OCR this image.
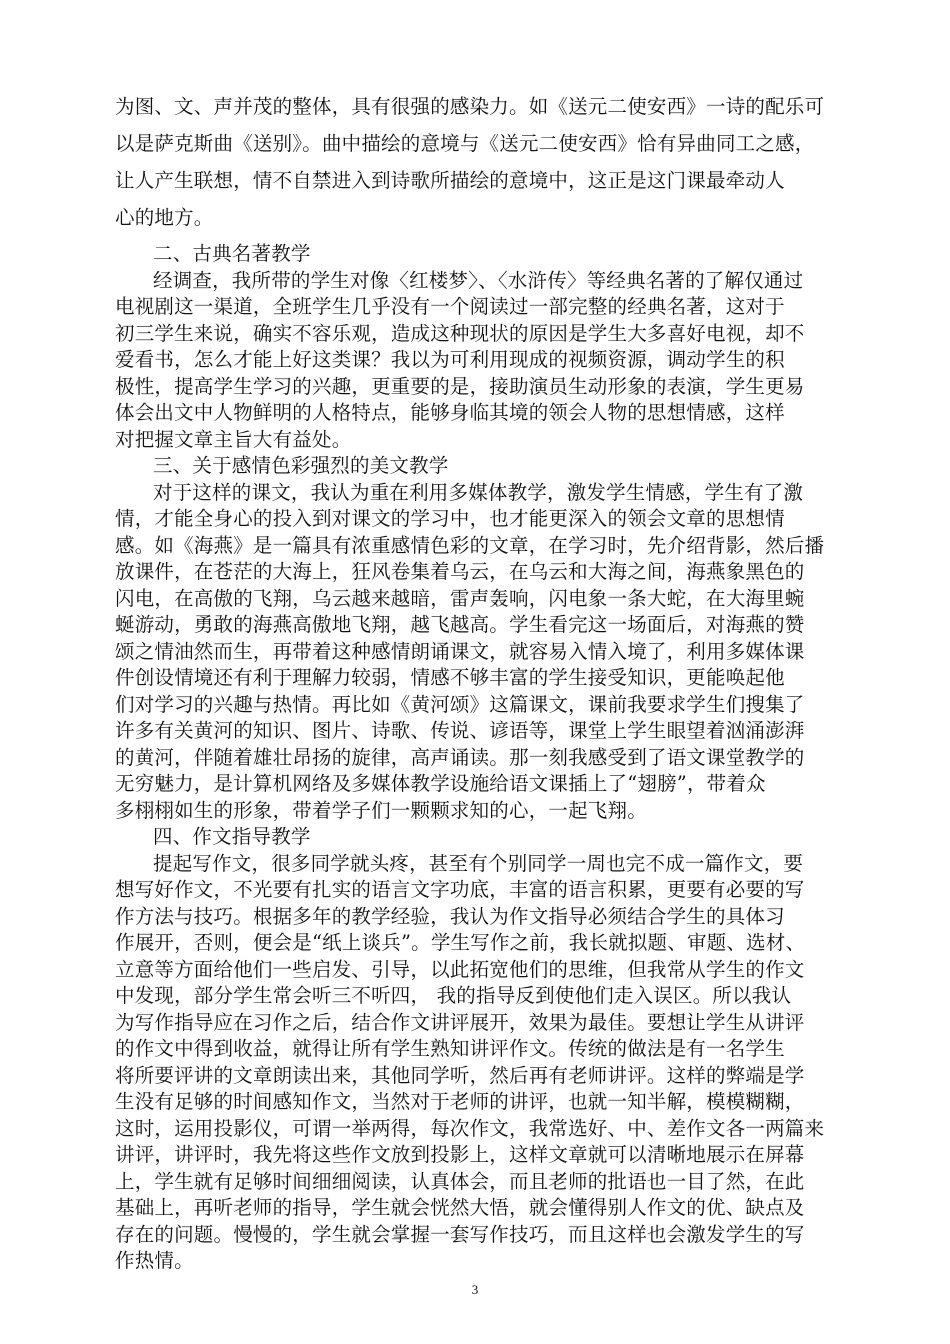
为图、文、声并茂的整体，具有很强的感染力。如《送元二使安西》一诗的配乐可
以是萨克斯曲《送别》。曲中描绘的意境与《送元二使安西》恰有异曲同工之感，
让人产生联想，情不自禁进入到诗歌所描绘的意境中，这正是这门课最牵动人
心的地方。
二、古典名著教学
经调查，我所带的学生对像〈红楼梦〉、〈水浒传〉等经典名著的了解仅通过
电视剧这一渠道，全班学生几乎没有一个阅读过一部完整的经典名著，这对于
初三学生来说，确实不容乐观，造成这种现状的原因是学生大多喜好电视，却不
爱看书，怎么才能上好这类课？我以为可利用现成的视频资源，调动学生的积
极性，提高学生学习的兴趣，更重要的是，接助演员生动形象的表演，学生更易
体会出文中人物鲜明的人格特点，能够身临其境的领会人物的思想情感，这样
对把握文章主旨大有益处。
三、关于感情色彩强烈的美文教学
对于这样的课文，我认为重在利用多媒体教学，激发学生情感，学生有了激
情，才能全身心的投入到对课文的学习中，也才能更深入的领会文章的思想情
感。如《海燕》是一篇具有浓重感情色彩的文章，在学习时，先介绍背影，然后播
放课件，在苍茫的大海上，狂风卷集着乌云，在乌云和大海之间，海燕象黑色的
闪电，在高傲的飞翔，乌云越来越暗，雷声轰响，闪电象一条大蛇，在大海里蜿
蜒游动，勇敢的海燕高傲地飞翔，越飞越高。学生看完这一场面后，对海燕的赞
颂之情油然而生，再带着这种感情朗诵课文，就容易入情入境了，利用多媒体课
件创设情境还有利于理解力较弱，情感不够丰富的学生接受知识，更能唤起他
们对学习的兴趣与热情。再比如《黄河颂》这篇课文，课前我要求学生们搜集了
许多有关黄河的知识、图片、诗歌、传说、谚语等，课堂上学生眼望着汹涌澎湃
的黄河，伴随着雄壮昂扬的旋律，高声诵读。那一刻我感受到了语文课堂教学的
无穷魅力，是计算机网络及多媒体教学设施给语文课插上了“翅膀”，带着众
多栩栩如生的形象，带着学子们一颗颗求知的心，一起飞翔。
四、作文指导教学
提起写作文，很多同学就头疼，甚至有个别同学一周也完不成一篇作文，要
想写好作文，不光要有扎实的语言文字功底，丰富的语言积累，更要有必要的写
作方法与技巧。根据多年的教学经验，我认为作文指导必须结合学生的具体习
作展开，否则，便会是“纸上谈兵”。学生写作之前，我长就拟题、审题、选材、
立意等方面给他们一些启发、引导，以此拓宽他们的思维，但我常从学生的作文
中发现，部分学生常会听三不听四， 我的指导反到使他们走入误区。所以我认
为写作指导应在习作之后，结合作文讲评展开，效果为最佳。要想让学生从讲评
的作文中得到收益，就得让所有学生熟知讲评作文。传统的做法是有一名学生
将所要评讲的文章朗读出来，其他同学听，然后再有老师讲评。这样的弊端是学
生没有足够的时间感知作文，当然对于老师的讲评，也就一知半解，模模糊糊，
这时，运用投影仪，可谓一举两得，每次作文，我常选好、中、差作文各一两篇来
讲评，讲评时，我先将这些作文放到投影上，这样文章就可以清晰地展示在屏幕
上，学生就有足够时间细细阅读，认真体会，而且老师的批语也一目了然，在此
基础上，再听老师的指导，学生就会恍然大悟，就会懂得别人作文的优、缺点及
存在的问题。慢慢的，学生就会掌握一套写作技巧，而且这样也会激发学生的写
作热情。
3
